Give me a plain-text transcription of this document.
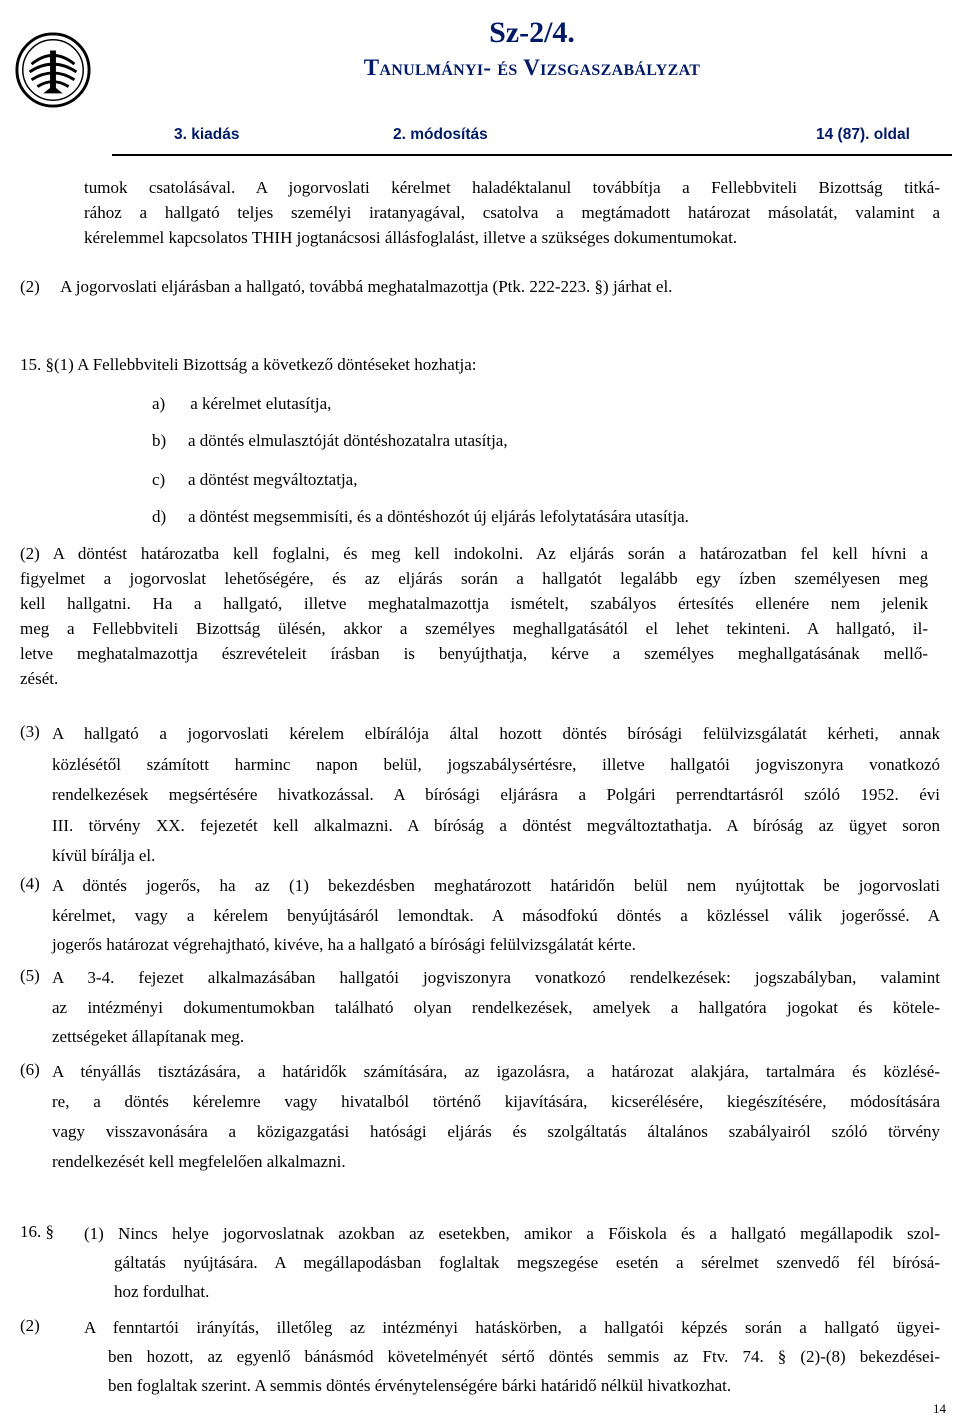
Sz-2/4.
Tanulmányi- és Vizsgaszabályzat
3. kiadás	2. módosítás	14 (87). oldal
tumok csatolásával. A jogorvoslati kérelmet haladéktalanul továbbítja a Fellebbviteli Bizottság titká-
rához a hallgató teljes személyi iratanyagával, csatolva a megtámadott határozat másolatát, valamint a
kérelemmel kapcsolatos THIH jogtanácsosi állásfoglalást, illetve a szükséges dokumentumokat.
(2)     A jogorvoslati eljárásban a hallgató, továbbá meghatalmazottja (Ptk. 222-223. §) járhat el.
15. §(1) A Fellebbviteli Bizottság a következő döntéseket hozhatja:
a) a kérelmet elutasítja,
b) a döntés elmulasztóját döntéshozatalra utasítja,
c) a döntést megváltoztatja,
d) a döntést megsemmisíti, és a döntéshozót új eljárás lefolytatására utasítja.
(2) A döntést határozatba kell foglalni, és meg kell indokolni. Az eljárás során a határozatban fel kell hívni a
figyelmet a jogorvoslat lehetőségére, és az eljárás során a hallgatót legalább egy ízben személyesen meg
kell hallgatni. Ha a hallgató, illetve meghatalmazottja ismételt, szabályos értesítés ellenére nem jelenik
meg a Fellebbviteli Bizottság ülésén, akkor a személyes meghallgatásától el lehet tekinteni. A hallgató, il-
letve meghatalmazottja észrevételeit írásban is benyújthatja, kérve a személyes meghallgatásának mellő-
zését.
(3) A hallgató a jogorvoslati kérelem elbírálója által hozott döntés bírósági felülvizsgálatát kérheti, annak
közlésétől számított harminc napon belül, jogszabálysértésre, illetve hallgatói jogviszonyra vonatkozó
rendelkezések megsértésére hivatkozással. A bírósági eljárásra a Polgári perrendtartásról szóló 1952. évi
III. törvény XX. fejezetét kell alkalmazni. A bíróság a döntést megváltoztathatja. A bíróság az ügyet soron
kívül bírálja el.
(4) A döntés jogerős, ha az (1) bekezdésben meghatározott határidőn belül nem nyújtottak be jogorvoslati
kérelmet, vagy a kérelem benyújtásáról lemondtak. A másodfokú döntés a közléssel válik jogerőssé. A
jogerős határozat végrehajtható, kivéve, ha a hallgató a bírósági felülvizsgálatát kérte.
(5) A 3-4. fejezet alkalmazásában hallgatói jogviszonyra vonatkozó rendelkezések: jogszabályban, valamint
az intézményi dokumentumokban található olyan rendelkezések, amelyek a hallgatóra jogokat és kötele-
zettségeket állapítanak meg.
(6) A tényállás tisztázására, a határidők számítására, az igazolásra, a határozat alakjára, tartalmára és közlésé-
re, a döntés kérelemre vagy hivatalból történő kijavítására, kicserélésére, kiegészítésére, módosítására
vagy visszavonására a közigazgatási hatósági eljárás és szolgáltatás általános szabályairól szóló törvény
rendelkezését kell megfelelően alkalmazni.
16. § (1) Nincs helye jogorvoslatnak azokban az esetekben, amikor a Főiskola és a hallgató megállapodik szol-
gáltatás nyújtására. A megállapodásban foglaltak megszegése esetén a sérelmet szenvedő fél bírósá-
hoz fordulhat.
(2)	A fenntartói irányítás, illetőleg az intézményi hatáskörben, a hallgatói képzés során a hallgató ügyei-
ben hozott, az egyenlő bánásmód követelményét sértő döntés semmis az Ftv. 74. § (2)-(8) bekezdései-
ben foglaltak szerint. A semmis döntés érvénytelenségére bárki határidő nélkül hivatkozhat.
14
